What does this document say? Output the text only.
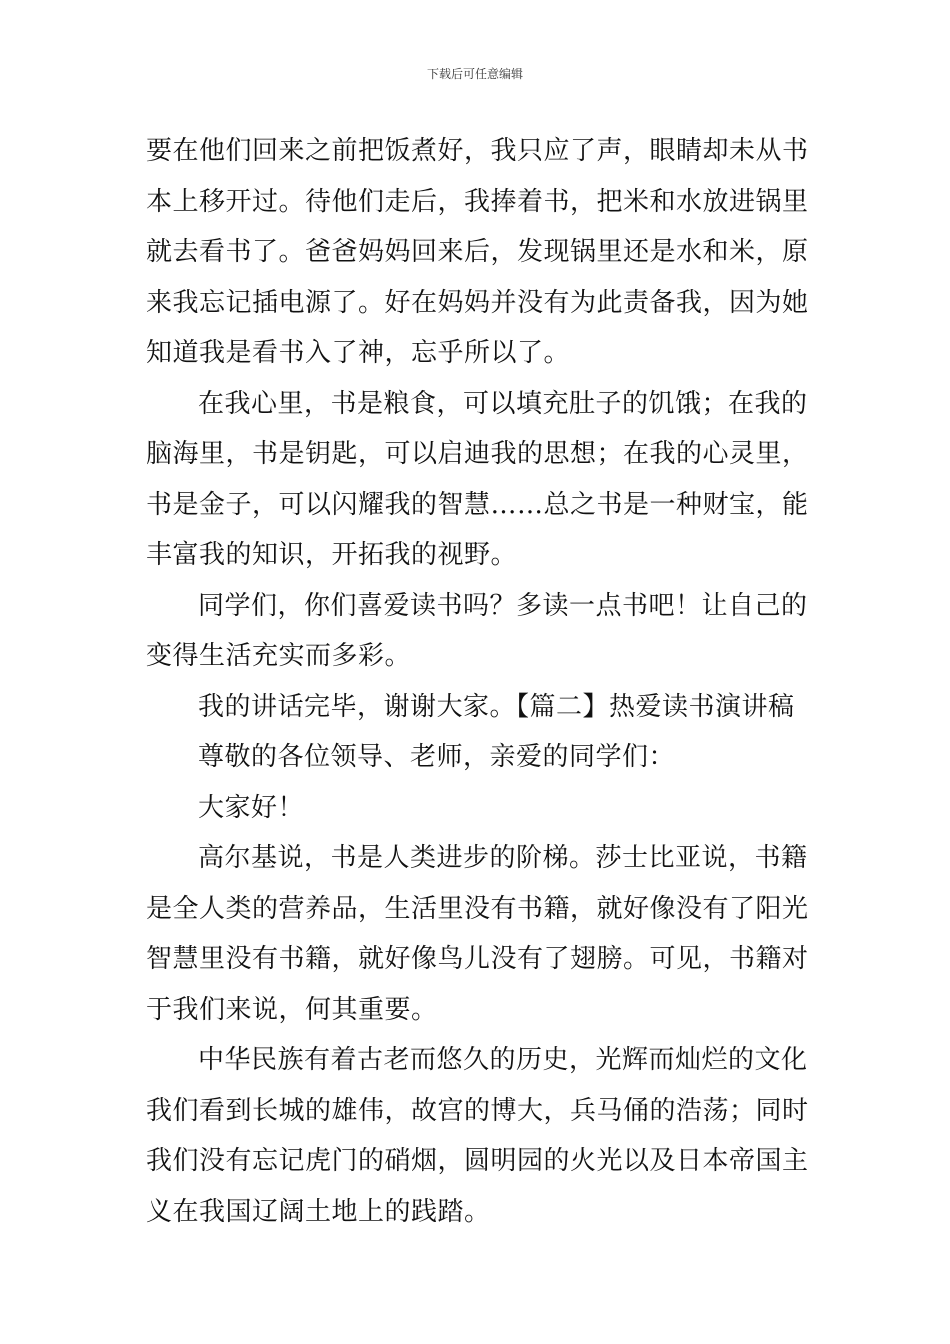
下载后可任意编辑
要在他们回来之前把饭煮好，我只应了声，眼睛却未从书
本上移开过。待他们走后，我捧着书，把米和水放进锅里
就去看书了。爸爸妈妈回来后，发现锅里还是水和米，原
来我忘记插电源了。好在妈妈并没有为此责备我，因为她
知道我是看书入了神，忘乎所以了。
在我心里，书是粮食，可以填充肚子的饥饿；在我的
脑海里，书是钥匙，可以启迪我的思想；在我的心灵里，
书是金子，可以闪耀我的智慧……总之书是一种财宝，能
丰富我的知识，开拓我的视野。
同学们，你们喜爱读书吗？多读一点书吧！让自己的
变得生活充实而多彩。
我的讲话完毕，谢谢大家。【篇二】热爱读书演讲稿
尊敬的各位领导、老师，亲爱的同学们：
大家好！
高尔基说，书是人类进步的阶梯。莎士比亚说，书籍
是全人类的营养品，生活里没有书籍，就好像没有了阳光
智慧里没有书籍，就好像鸟儿没有了翅膀。可见，书籍对
于我们来说，何其重要。
中华民族有着古老而悠久的历史，光辉而灿烂的文化
我们看到长城的雄伟，故宫的博大，兵马俑的浩荡；同时
我们没有忘记虎门的硝烟，圆明园的火光以及日本帝国主
义在我国辽阔土地上的践踏。
